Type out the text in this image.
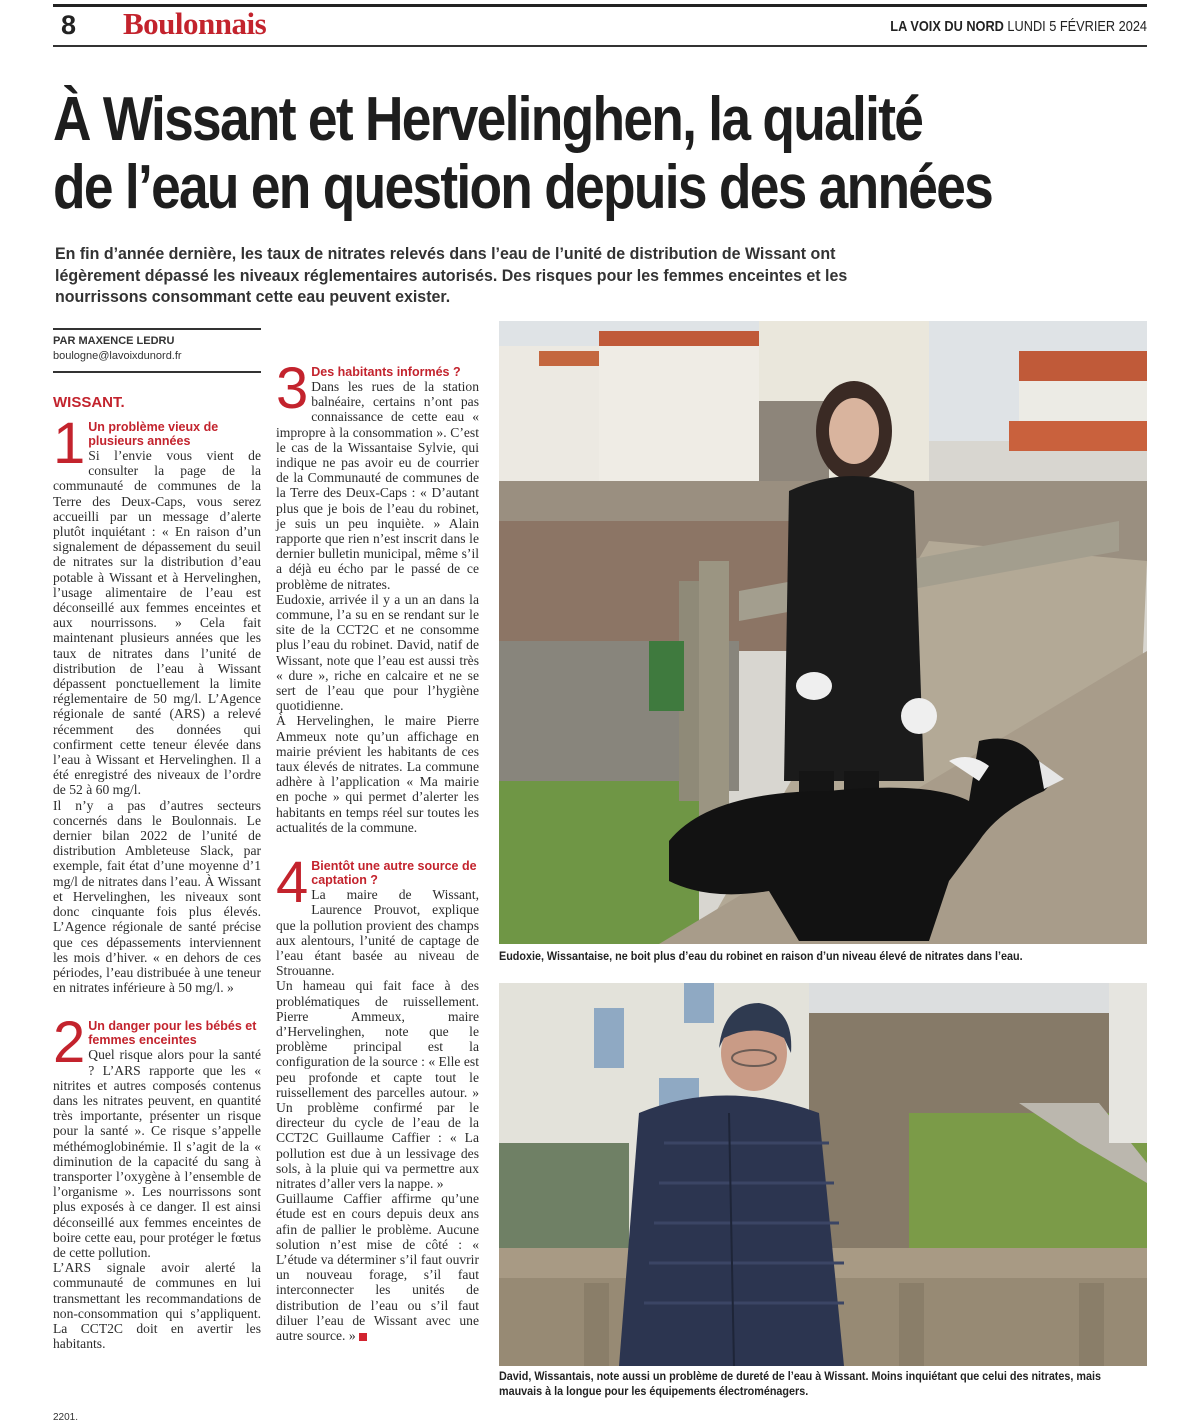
8 Boulonnais	LA VOIX DU NORD LUNDI 5 FÉVRIER 2024
À Wissant et Hervelinghen, la qualité
de l’eau en question depuis des années

En fin d’année dernière, les taux de nitrates relevés dans l’eau de l’unité de distribution de Wissant ont légèrement dépassé les niveaux réglementaires autorisés. Des risques pour les femmes enceintes et les nourrissons consommant cette eau peuvent exister.

PAR MAXENCE LEDRU
boulogne@lavoixdunord.fr
WISSANT.
1 Un problème vieux de plusieurs années

Si l’envie vous vient de consulter la page de la communauté de communes de la Terre des Deux-Caps, vous serez accueilli par un message d’alerte plutôt inquiétant : « En raison d’un signalement de dépassement du seuil de nitrates sur la distribution d’eau potable à Wissant et à Hervelinghen, l’usage alimentaire de l’eau est déconseillé aux femmes enceintes et aux nourrissons. » Cela fait maintenant plusieurs années que les taux de nitrates dans l’unité de distribution de l’eau à Wissant dépassent ponctuellement la limite réglementaire de 50 mg/l. L’Agence régionale de santé (ARS) a relevé récemment des données qui confirment cette teneur élevée dans l’eau à Wissant et Hervelinghen. Il a été enregistré des niveaux de l’ordre de 52 à 60 mg/l.

Il n’y a pas d’autres secteurs concernés dans le Boulonnais. Le dernier bilan 2022 de l’unité de distribution Ambleteuse Slack, par exemple, fait état d’une moyenne d’1 mg/l de nitrates dans l’eau. À Wissant et Hervelinghen, les niveaux sont donc cinquante fois plus élevés. L’Agence régionale de santé précise que ces dépassements interviennent les mois d’hiver. « en dehors de ces périodes, l’eau distribuée à une teneur en nitrates inférieure à 50 mg/l. »

2 Un danger pour les bébés et femmes enceintes

Quel risque alors pour la santé ? L’ARS rapporte que les « nitrites et autres composés contenus dans les nitrates peuvent, en quantité très importante, présenter un risque pour la santé ». Ce risque s’appelle méthémoglobinémie. Il s’agit de la « diminution de la capacité du sang à transporter l’oxygène à l’ensemble de l’organisme ». Les nourrissons sont plus exposés à ce danger. Il est ainsi déconseillé aux femmes enceintes de boire cette eau, pour protéger le fœtus de cette pollution.

L’ARS signale avoir alerté la communauté de communes en lui transmettant les recommandations de non-consommation qui s’appliquent. La CCT2C doit en avertir les habitants.

3 Des habitants informés ?

Dans les rues de la station balnéaire, certains n’ont pas connaissance de cette eau « impropre à la consommation ». C’est le cas de la Wissantaise Sylvie, qui indique ne pas avoir eu de courrier de la Communauté de communes de la Terre des Deux-Caps : « D’autant plus que je bois de l’eau du robinet, je suis un peu inquiète. » Alain rapporte que rien n’est inscrit dans le dernier bulletin municipal, même s’il a déjà eu écho par le passé de ce problème de nitrates.

Eudoxie, arrivée il y a un an dans la commune, l’a su en se rendant sur le site de la CCT2C et ne consomme plus l’eau du robinet. David, natif de Wissant, note que l’eau est aussi très « dure », riche en calcaire et ne se sert de l’eau que pour l’hygiène quotidienne.

À Hervelinghen, le maire Pierre Ammeux note qu’un affichage en mairie prévient les habitants de ces taux élevés de nitrates. La commune adhère à l’application « Ma mairie en poche » qui permet d’alerter les habitants en temps réel sur toutes les actualités de la commune.

4 Bientôt une autre source de captation ?

La maire de Wissant, Laurence Prouvot, explique que la pollution provient des champs aux alentours, l’unité de captage de l’eau étant basée au niveau de Strouanne.

Un hameau qui fait face à des problématiques de ruissellement. Pierre Ammeux, maire d’Hervelinghen, note que le problème principal est la configuration de la source : « Elle est peu profonde et capte tout le ruissellement des parcelles autour. » Un problème confirmé par le directeur du cycle de l’eau de la CCT2C Guillaume Caffier : « La pollution est due à un lessivage des sols, à la pluie qui va permettre aux nitrates d’aller vers la nappe. »

Guillaume Caffier affirme qu’une étude est en cours depuis deux ans afin de pallier le problème. Aucune solution n’est mise de côté : « L’étude va déterminer s’il faut ouvrir un nouveau forage, s’il faut interconnecter les unités de distribution de l’eau ou s’il faut diluer l’eau de Wissant avec une autre source. »

Eudoxie, Wissantaise, ne boit plus d’eau du robinet en raison d’un niveau élevé de nitrates dans l’eau.
David, Wissantais, note aussi un problème de dureté de l’eau à Wissant. Moins inquiétant que celui des nitrates, mais mauvais à la longue pour les équipements électroménagers.
2201.
